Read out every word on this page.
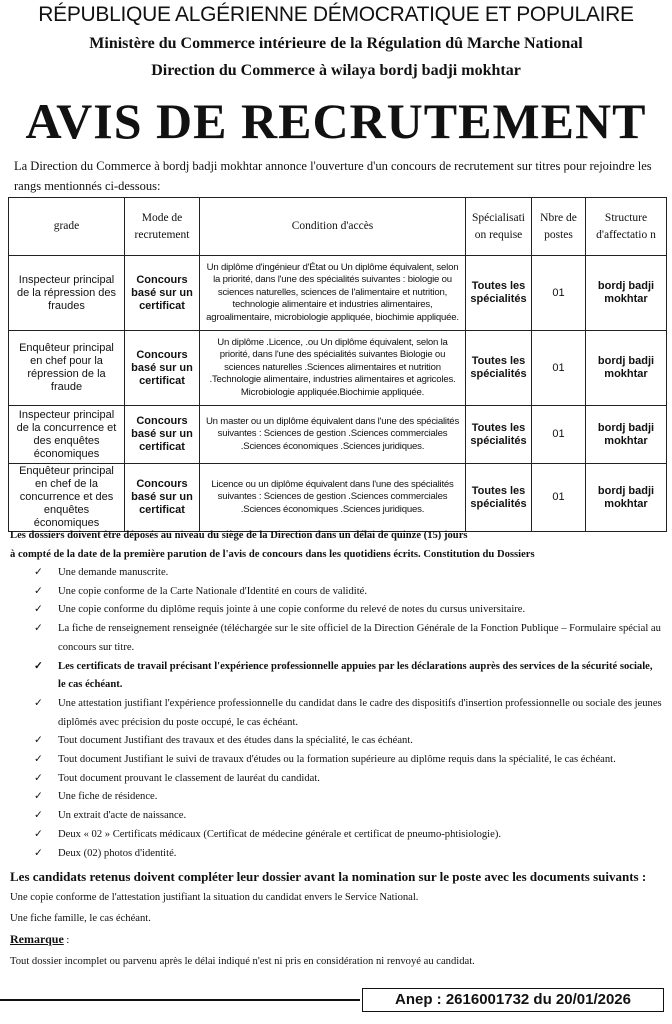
RÉPUBLIQUE ALGÉRIENNE DÉMOCRATIQUE ET POPULAIRE
Ministère du Commerce intérieure de la Régulation dû Marche National
Direction du Commerce à wilaya bordj badji mokhtar
AVIS DE RECRUTEMENT
La Direction du Commerce à bordj badji mokhtar annonce l'ouverture d'un concours de recrutement sur titres pour rejoindre les rangs mentionnés ci-dessous:
grade	Mode de recrutement	Condition d'accès	Spécialisati on requise	Nbre de postes	Structure d'affectatio n
Inspecteur principal de la répression des fraudes	Concours basé sur un certificat	Un diplôme d'ingénieur d'État ou Un diplôme équivalent, selon la priorité, dans l'une des spécialités suivantes : biologie ou sciences naturelles, sciences de l'alimentaire et nutrition, technologie alimentaire et industries alimentaires, agroalimentaire, microbiologie appliquée, biochimie appliquée.	Toutes les spécialités	01	bordj badji mokhtar
Enquêteur principal en chef pour la répression de la fraude	Concours basé sur un certificat	Un diplôme .Licence, .ou Un diplôme équivalent, selon la priorité, dans l'une des spécialités suivantes Biologie ou sciences naturelles .Sciences alimentaires et nutrition .Technologie alimentaire, industries alimentaires et agricoles. Microbiologie appliquée.Biochimie appliquée.	Toutes les spécialités	01	bordj badji mokhtar
Inspecteur principal de la concurrence et des enquêtes économiques	Concours basé sur un certificat	Un master ou un diplôme équivalent dans l'une des spécialités suivantes : Sciences de gestion .Sciences commerciales .Sciences économiques .Sciences juridiques.	Toutes les spécialités	01	bordj badji mokhtar
Enquêteur principal en chef de la concurrence et des enquêtes économiques	Concours basé sur un certificat	Licence ou un diplôme équivalent dans l'une des spécialités suivantes : Sciences de gestion .Sciences commerciales .Sciences économiques .Sciences juridiques.	Toutes les spécialités	01	bordj badji mokhtar
Les dossiers doivent être déposés au niveau du siège de la Direction dans un délai de quinze (15) jours
à compté de la date de la première parution de l'avis de concours dans les quotidiens écrits. Constitution du Dossiers
✓ Une demande manuscrite.
✓ Une copie conforme de la Carte Nationale d'Identité en cours de validité.
✓ Une copie conforme du diplôme requis jointe à une copie conforme du relevé de notes du cursus universitaire.
✓ La fiche de renseignement renseignée (téléchargée sur le site officiel de la Direction Générale de la Fonction Publique – Formulaire spécial au concours sur titre.
✓ Les certificats de travail précisant l'expérience professionnelle appuies par les déclarations auprès des services de la sécurité sociale, le cas échéant.
✓ Une attestation justifiant l'expérience professionnelle du candidat dans le cadre des dispositifs d'insertion professionnelle ou sociale des jeunes diplômés avec précision du poste occupé, le cas échéant.
✓ Tout document Justifiant des travaux et des études dans la spécialité, le cas échéant.
✓ Tout document Justifiant le suivi de travaux d'études ou la formation supérieure au diplôme requis dans la spécialité, le cas échéant.
✓ Tout document prouvant le classement de lauréat du candidat.
✓ Une fiche de résidence.
✓ Un extrait d'acte de naissance.
✓ Deux « 02 » Certificats médicaux (Certificat de médecine générale et certificat de pneumo-phtisiologie).
✓ Deux (02) photos d'identité.
Les candidats retenus doivent compléter leur dossier avant la nomination sur le poste avec les documents suivants :
Une copie conforme de l'attestation justifiant la situation du candidat envers le Service National.
Une fiche famille, le cas échéant.
Remarque :
Tout dossier incomplet ou parvenu après le délai indiqué n'est ni pris en considération ni renvoyé au candidat.
Anep : 2616001732 du 20/01/2026
